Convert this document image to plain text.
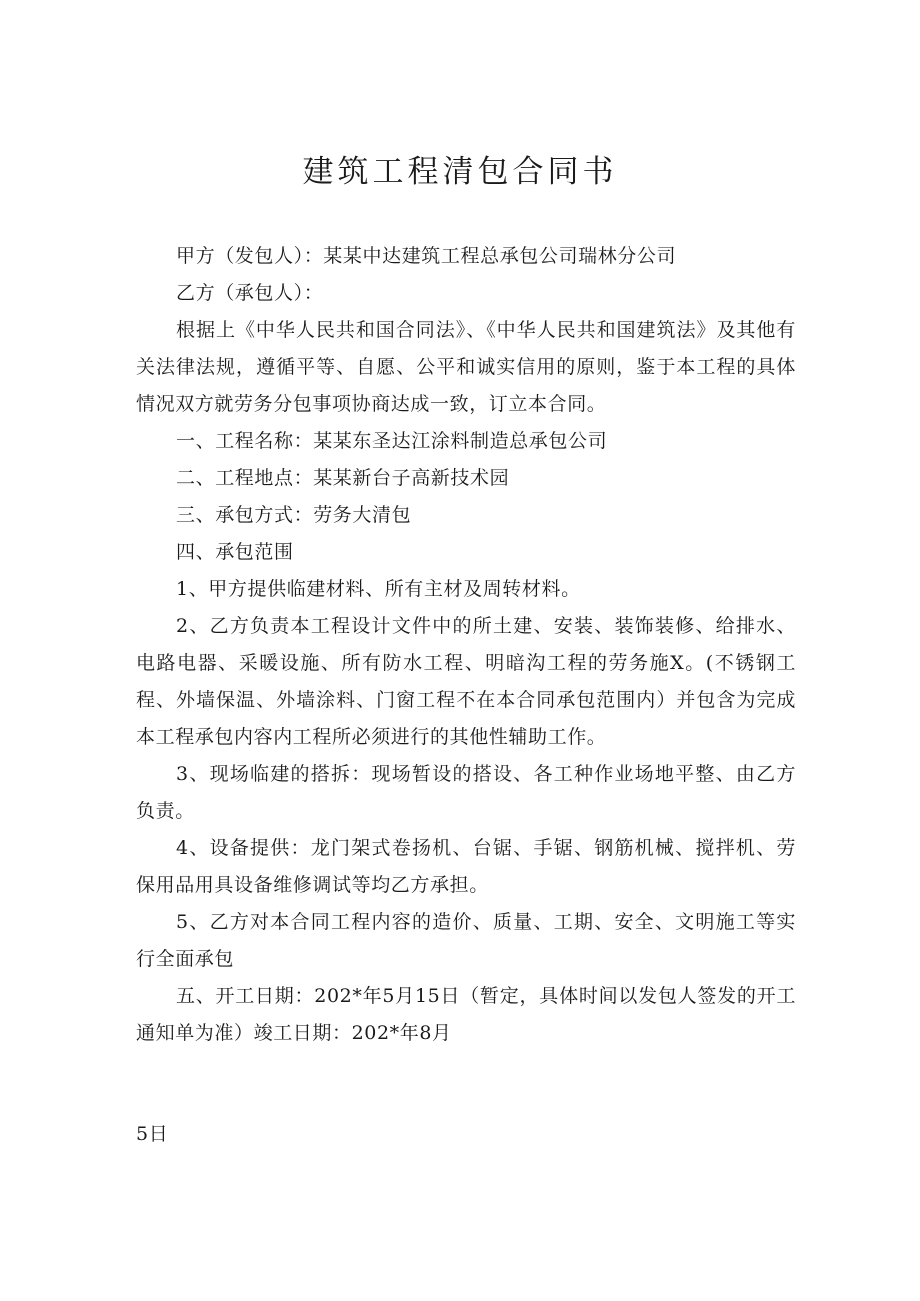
建筑工程清包合同书

甲方（发包人）：某某中达建筑工程总承包公司瑞林分公司

乙方（承包人）：

根据上《中华人民共和国合同法》、《中华人民共和国建筑法》及其他有关法律法规，遵循平等、自愿、公平和诚实信用的原则，鉴于本工程的具体情况双方就劳务分包事项协商达成一致，订立本合同。

一、工程名称：某某东圣达江涂料制造总承包公司

二、工程地点：某某新台子高新技术园

三、承包方式：劳务大清包

四、承包范围

1、甲方提供临建材料、所有主材及周转材料。

2、乙方负责本工程设计文件中的所土建、安装、装饰装修、给排水、电路电器、采暖设施、所有防水工程、明暗沟工程的劳务施X。(不锈钢工程、外墙保温、外墙涂料、门窗工程不在本合同承包范围内）并包含为完成本工程承包内容内工程所必须进行的其他性辅助工作。

3、现场临建的搭拆：现场暂设的搭设、各工种作业场地平整、由乙方负责。

4、设备提供：龙门架式卷扬机、台锯、手锯、钢筋机械、搅拌机、劳保用品用具设备维修调试等均乙方承担。

5、乙方对本合同工程内容的造价、质量、工期、安全、文明施工等实行全面承包

五、开工日期：202*年5月15日（暂定，具体时间以发包人签发的开工通知单为准）竣工日期：202*年8月

5日
